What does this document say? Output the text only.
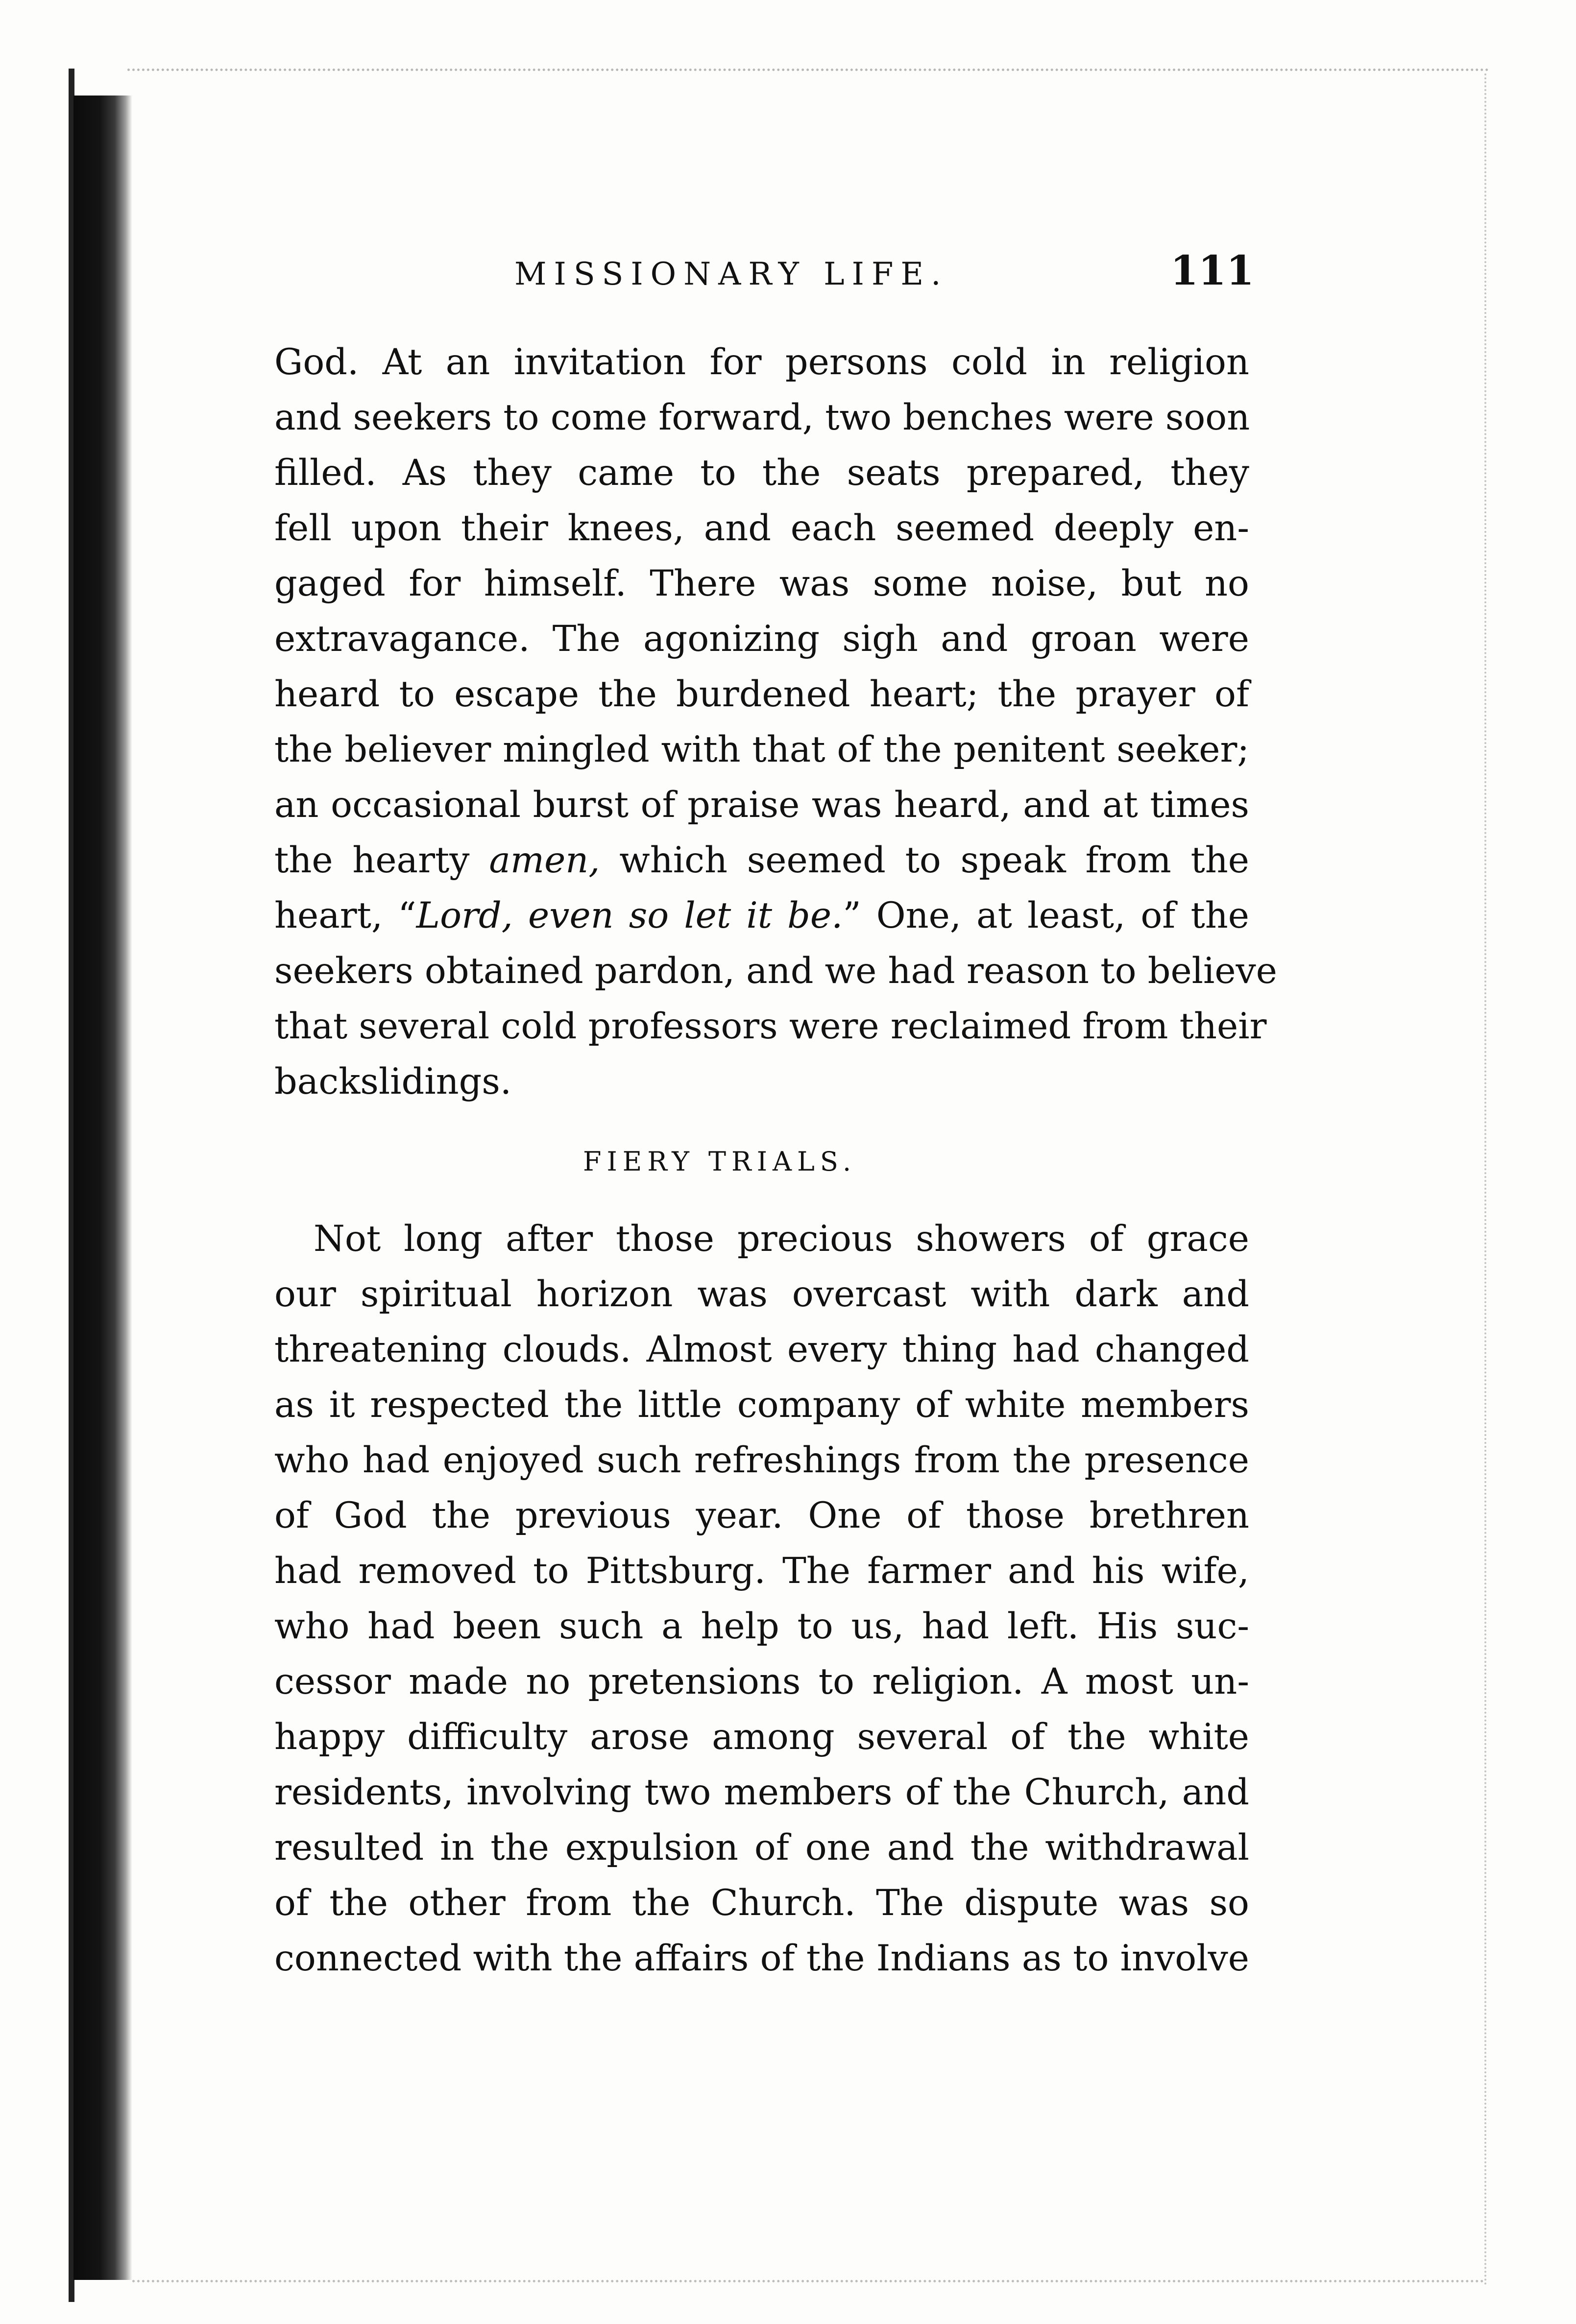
MISSIONARY LIFE.	111
God. At an invitation for persons cold in religion
and seekers to come forward, two benches were soon
filled. As they came to the seats prepared, they
fell upon their knees, and each seemed deeply en-
gaged for himself. There was some noise, but no
extravagance. The agonizing sigh and groan were
heard to escape the burdened heart; the prayer of
the believer mingled with that of the penitent seeker;
an occasional burst of praise was heard, and at times
the hearty amen, which seemed to speak from the
heart, “Lord, even so let it be.” One, at least, of the
seekers obtained pardon, and we had reason to believe
that several cold professors were reclaimed from their
backslidings.
FIERY TRIALS.
Not long after those precious showers of grace
our spiritual horizon was overcast with dark and
threatening clouds. Almost every thing had changed
as it respected the little company of white members
who had enjoyed such refreshings from the presence
of God the previous year. One of those brethren
had removed to Pittsburg. The farmer and his wife,
who had been such a help to us, had left. His suc-
cessor made no pretensions to religion. A most un-
happy difficulty arose among several of the white
residents, involving two members of the Church, and
resulted in the expulsion of one and the withdrawal
of the other from the Church. The dispute was so
connected with the affairs of the Indians as to involve
